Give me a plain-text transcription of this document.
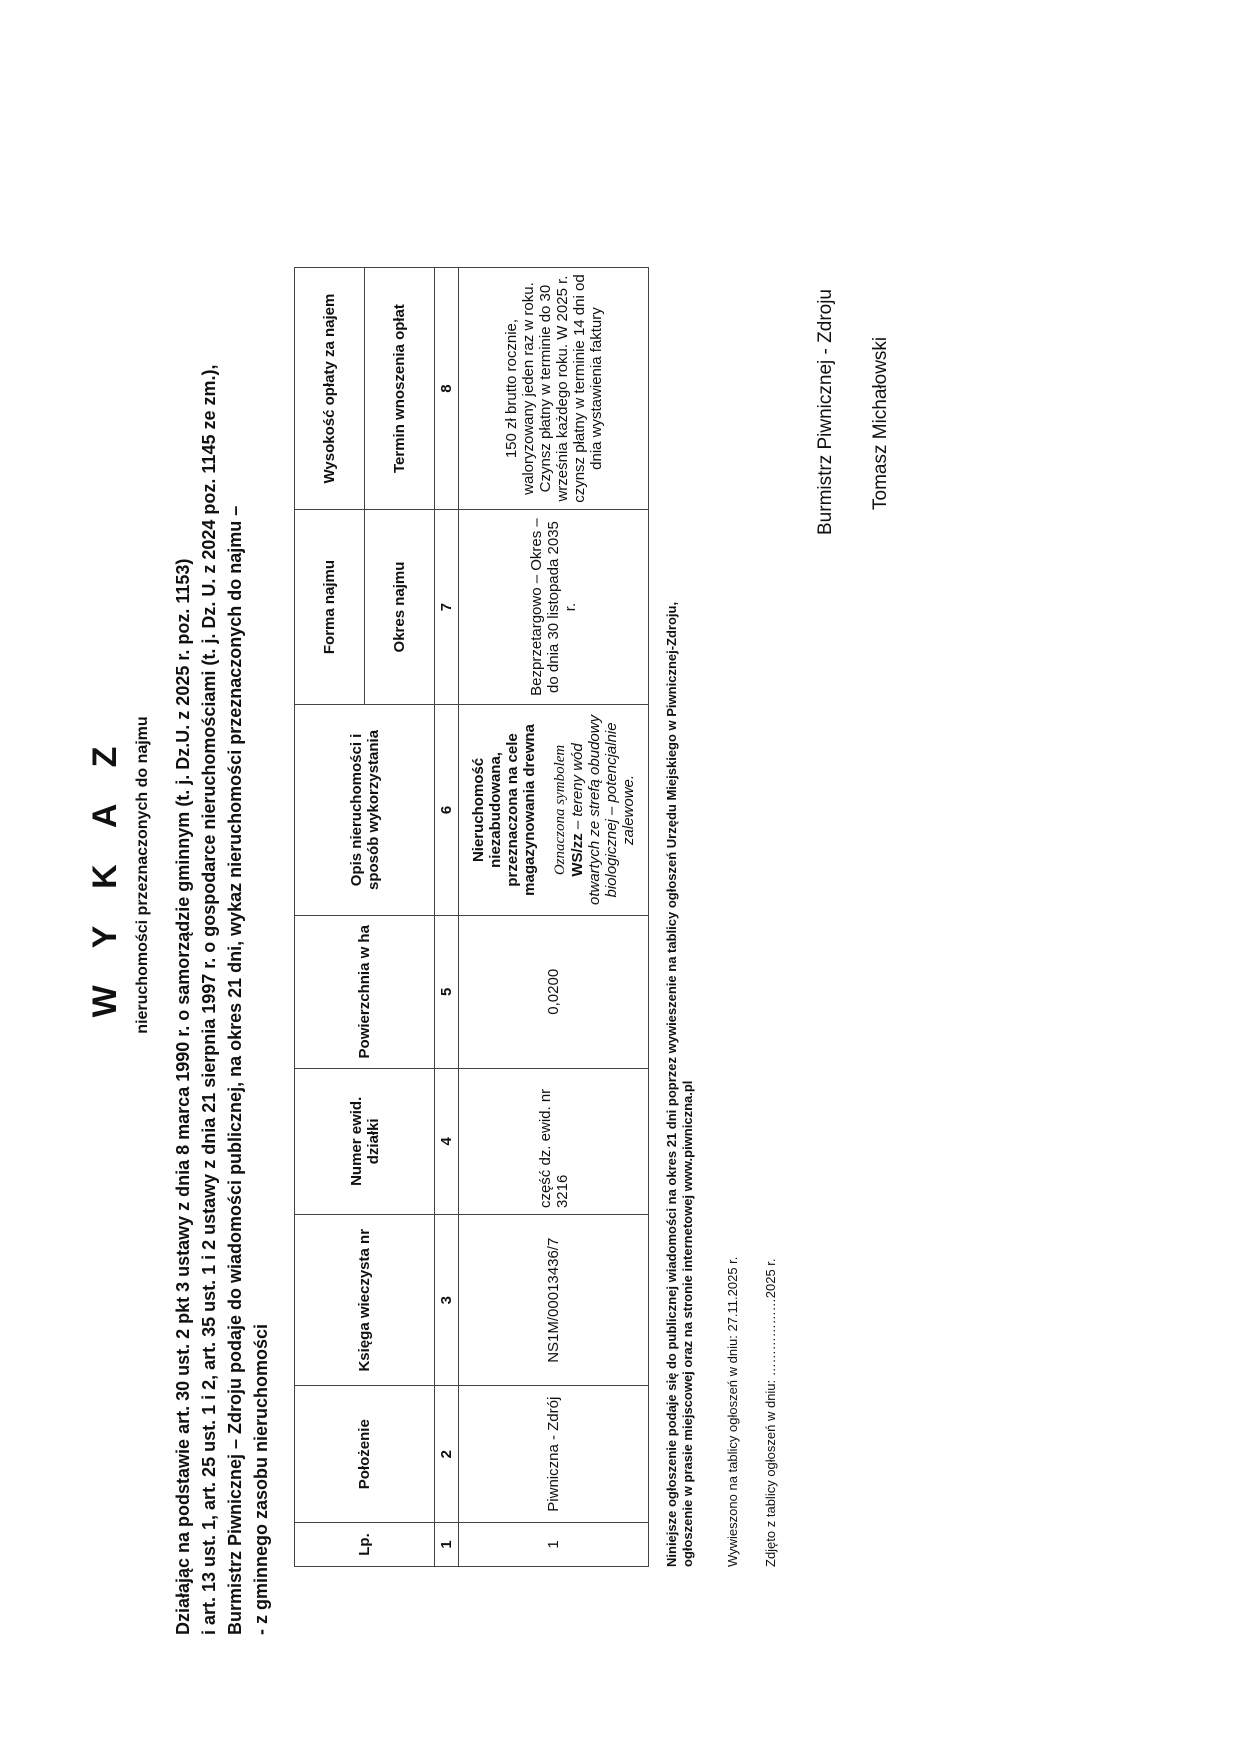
W Y K A Z nieruchomości przeznaczonych do najmu Działając na podstawie art. 30 ust. 2 pkt 3 ustawy z dnia 8 marca 1990 r. o samorządzie gminnym (t. j. Dz.U. z 2025 r. poz. 1153) i art. 13 ust. 1, art. 25 ust. 1 i 2, art. 35 ust. 1 i 2 ustawy z dnia 21 sierpnia 1997 r. o gospodarce nieruchomościami (t. j. Dz. U. z 2024 poz. 1145 ze zm.), Burmistrz Piwnicznej – Zdroju podaje do wiadomości publicznej, na okres 21 dni, wykaz nieruchomości przeznaczonych do najmu – - z gminnego zasobu nieruchomości	Lp.	Położenie	Księga wieczysta nr	Numer ewid. działki	Powierzchnia w ha	Opis nieruchomości i sposób wykorzystania	Forma najmu	Wysokość opłaty za najem
						Okres najmu	Termin wnoszenia opłat
1	2	3	4	5	6	7	8
1	Piwniczna - Zdrój	NS1M/00013436/7	część dz. ewid. nr 3216	0,0200	Nieruchomość niezabudowana, przeznaczona na cele magazynowania drewna Oznaczona symbolem WS/zz – tereny wód otwartych ze strefą obudowy biologicznej – potencjalnie zalewowe.	Bezprzetargowo – Okres – do dnia 30 listopada 2035 r.	150 zł brutto rocznie, waloryzowany jeden raz w roku. Czynsz płatny w terminie do 30 września każdego roku. W 2025 r. czynsz płatny w terminie 14 dni od dnia wystawienia faktury

Niniejsze ogłoszenie podaje się do publicznej wiadomości na okres 21 dni poprzez wywieszenie na tablicy ogłoszeń Urzędu Miejskiego w Piwnicznej-Zdroju, ogłoszenie w prasie miejscowej oraz na stronie internetowej www.piwniczna.pl Wywieszono na tablicy ogłoszeń w dniu: 27.11.2025 r. Zdjęto z tablicy ogłoszeń w dniu: ………………2025 r.
Burmistrz Piwnicznej - Zdroju Tomasz Michałowski
